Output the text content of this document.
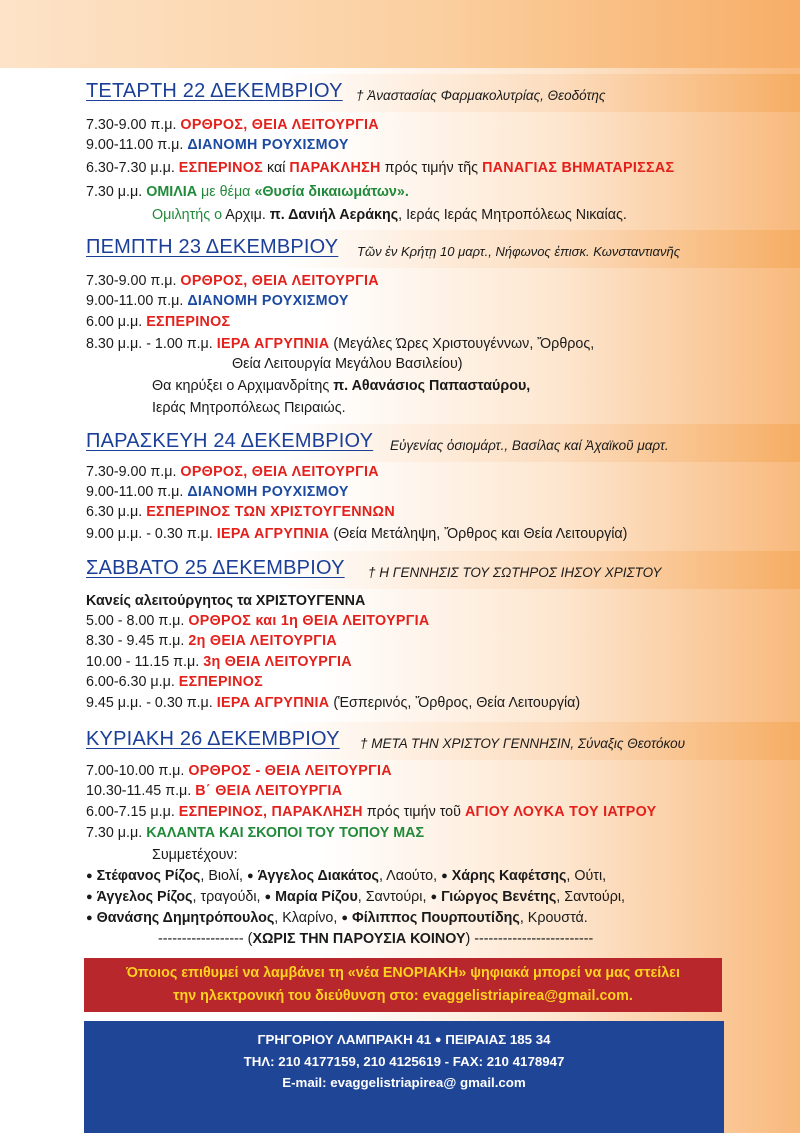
ΤΕΤΑΡΤΗ 22 ΔΕΚΕΜΒΡΙΟΥ † Ἀναστασίας Φαρμακολυτρίας, Θεοδότης
7.30-9.00 π.μ. ΟΡΘΡΟΣ, ΘΕΙΑ ΛΕΙΤΟΥΡΓΙΑ
9.00-11.00 π.μ. ΔΙΑΝΟΜΗ ΡΟΥΧΙΣΜΟΥ
6.30-7.30 μ.μ. ΕΣΠΕΡΙΝΟΣ καί ΠΑΡΑΚΛΗΣΗ πρός τιμήν τῆς ΠΑΝΑΓΙΑΣ ΒΗΜΑΤΑΡΙΣΣΑΣ
7.30 μ.μ. ΟΜΙΛΙΑ με θέμα «Θυσία δικαιωμάτων».
Ομιλητής ο Αρχιμ. π. Δανιήλ Αεράκης, Ιεράς Ιεράς Μητροπόλεως Νικαίας.
ΠΕΜΠΤΗ 23 ΔΕΚΕΜΒΡΙΟΥ Τῶν ἐν Κρήτῃ 10 μαρτ., Νήφωνος ἐπισκ. Κωνσταντιανῆς
7.30-9.00 π.μ. ΟΡΘΡΟΣ, ΘΕΙΑ ΛΕΙΤΟΥΡΓΙΑ
9.00-11.00 π.μ. ΔΙΑΝΟΜΗ ΡΟΥΧΙΣΜΟΥ
6.00 μ.μ. ΕΣΠΕΡΙΝΟΣ
8.30 μ.μ. - 1.00 π.μ. ΙΕΡΑ ΑΓΡΥΠΝΙΑ (Μεγάλες Ώρες Χριστουγέννων, Ὄρθρος,
Θεία Λειτουργία Μεγάλου Βασιλείου)
Θα κηρύξει ο Αρχιμανδρίτης π. Αθανάσιος Παπασταύρου,
Ιεράς Μητροπόλεως Πειραιώς.
ΠΑΡΑΣΚΕΥΗ 24 ΔΕΚΕΜΒΡΙΟΥ Εὐγενίας ὁσιομάρτ., Βασίλας καί Ἀχαϊκοῦ μαρτ.
7.30-9.00 π.μ. ΟΡΘΡΟΣ, ΘΕΙΑ ΛΕΙΤΟΥΡΓΙΑ
9.00-11.00 π.μ. ΔΙΑΝΟΜΗ ΡΟΥΧΙΣΜΟΥ
6.30 μ.μ. ΕΣΠΕΡΙΝΟΣ ΤΩΝ ΧΡΙΣΤΟΥΓΕΝΝΩΝ
9.00 μ.μ. - 0.30 π.μ. ΙΕΡΑ ΑΓΡΥΠΝΙΑ (Θεία Μετάληψη, Ὄρθρος και Θεία Λειτουργία)
ΣΑΒΒΑΤΟ 25 ΔΕΚΕΜΒΡΙΟΥ † Η ΓΕΝΝΗΣΙΣ ΤΟΥ ΣΩΤΗΡΟΣ ΙΗΣΟΥ ΧΡΙΣΤΟΥ
Κανείς αλειτούργητος τα ΧΡΙΣΤΟΥΓΕΝΝΑ
5.00 - 8.00 π.μ. ΟΡΘΡΟΣ και 1η ΘΕΙΑ ΛΕΙΤΟΥΡΓΙΑ
8.30 - 9.45 π.μ. 2η ΘΕΙΑ ΛΕΙΤΟΥΡΓΙΑ
10.00 - 11.15 π.μ. 3η ΘΕΙΑ ΛΕΙΤΟΥΡΓΙΑ
6.00-6.30 μ.μ. ΕΣΠΕΡΙΝΟΣ
9.45 μ.μ. - 0.30 π.μ. ΙΕΡΑ ΑΓΡΥΠΝΙΑ (Ἑσπερινός, Ὄρθρος, Θεία Λειτουργία)
ΚΥΡΙΑΚΗ 26 ΔΕΚΕΜΒΡΙΟΥ † ΜΕΤΑ ΤΗΝ ΧΡΙΣΤΟΥ ΓΕΝΝΗΣΙΝ, Σύναξις Θεοτόκου
7.00-10.00 π.μ. ΟΡΘΡΟΣ - ΘΕΙΑ ΛΕΙΤΟΥΡΓΙΑ
10.30-11.45 π.μ. Β΄ ΘΕΙΑ ΛΕΙΤΟΥΡΓΙΑ
6.00-7.15 μ.μ. ΕΣΠΕΡΙΝΟΣ, ΠΑΡΑΚΛΗΣΗ πρός τιμήν τοῦ ΑΓΙΟΥ ΛΟΥΚΑ ΤΟΥ ΙΑΤΡΟΥ
7.30 μ.μ. ΚΑΛΑΝΤΑ ΚΑΙ ΣΚΟΠΟΙ ΤΟΥ ΤΟΠΟΥ ΜΑΣ
Συμμετέχουν:
● Στέφανος Ρίζος, Βιολί, ● Άγγελος Διακάτος, Λαούτο, ● Χάρης Καφέτσης, Ούτι,
● Άγγελος Ρίζος, τραγούδι, ● Μαρία Ρίζου, Σαντούρι, ● Γιώργος Βενέτης, Σαντούρι,
● Θανάσης Δημητρόπουλος, Κλαρίνο, ● Φίλιππος Πουρπουτίδης, Κρουστά.
------------------ (ΧΩΡΙΣ ΤΗΝ ΠΑΡΟΥΣΙΑ ΚΟΙΝΟΥ) -------------------------
Όποιος επιθυμεί να λαμβάνει τη «νέα ΕΝΟΡΙΑΚΗ» ψηφιακά μπορεί να μας στείλει
την ηλεκτρονική του διεύθυνση στο: evaggelistriapirea@gmail.com.
ΓΡΗΓΟΡΙΟΥ ΛΑΜΠΡΑΚΗ 41 ● ΠΕΙΡΑΙΑΣ 185 34
ΤΗΛ: 210 4177159, 210 4125619 - FAX: 210 4178947
E-mail: evaggelistriapirea@ gmail.com
